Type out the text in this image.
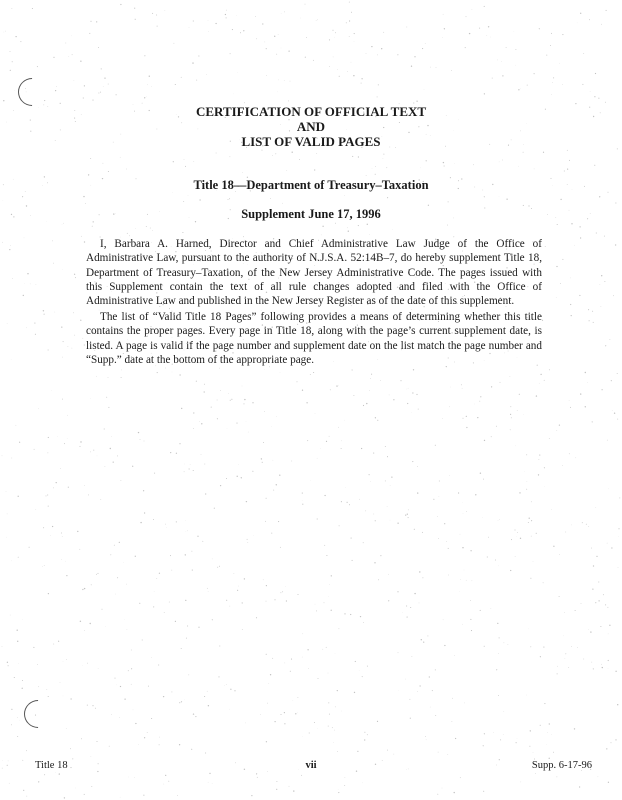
CERTIFICATION OF OFFICIAL TEXT
AND
LIST OF VALID PAGES
Title 18—Department of Treasury–Taxation
Supplement June 17, 1996

I, Barbara A. Harned, Director and Chief Administrative Law Judge of the Office of Administrative Law, pursuant to the authority of N.J.S.A. 52:14B–7, do hereby supplement Title 18, Department of Treasury–Taxation, of the New Jersey Administrative Code. The pages issued with this Supplement contain the text of all rule changes adopted and filed with the Office of Administrative Law and published in the New Jersey Register as of the date of this supplement.

The list of “Valid Title 18 Pages” following provides a means of determining whether this title contains the proper pages. Every page in Title 18, along with the page’s current supplement date, is listed. A page is valid if the page number and supplement date on the list match the page number and “Supp.” date at the bottom of the appropriate page.

Title 18	vii	Supp. 6-17-96
